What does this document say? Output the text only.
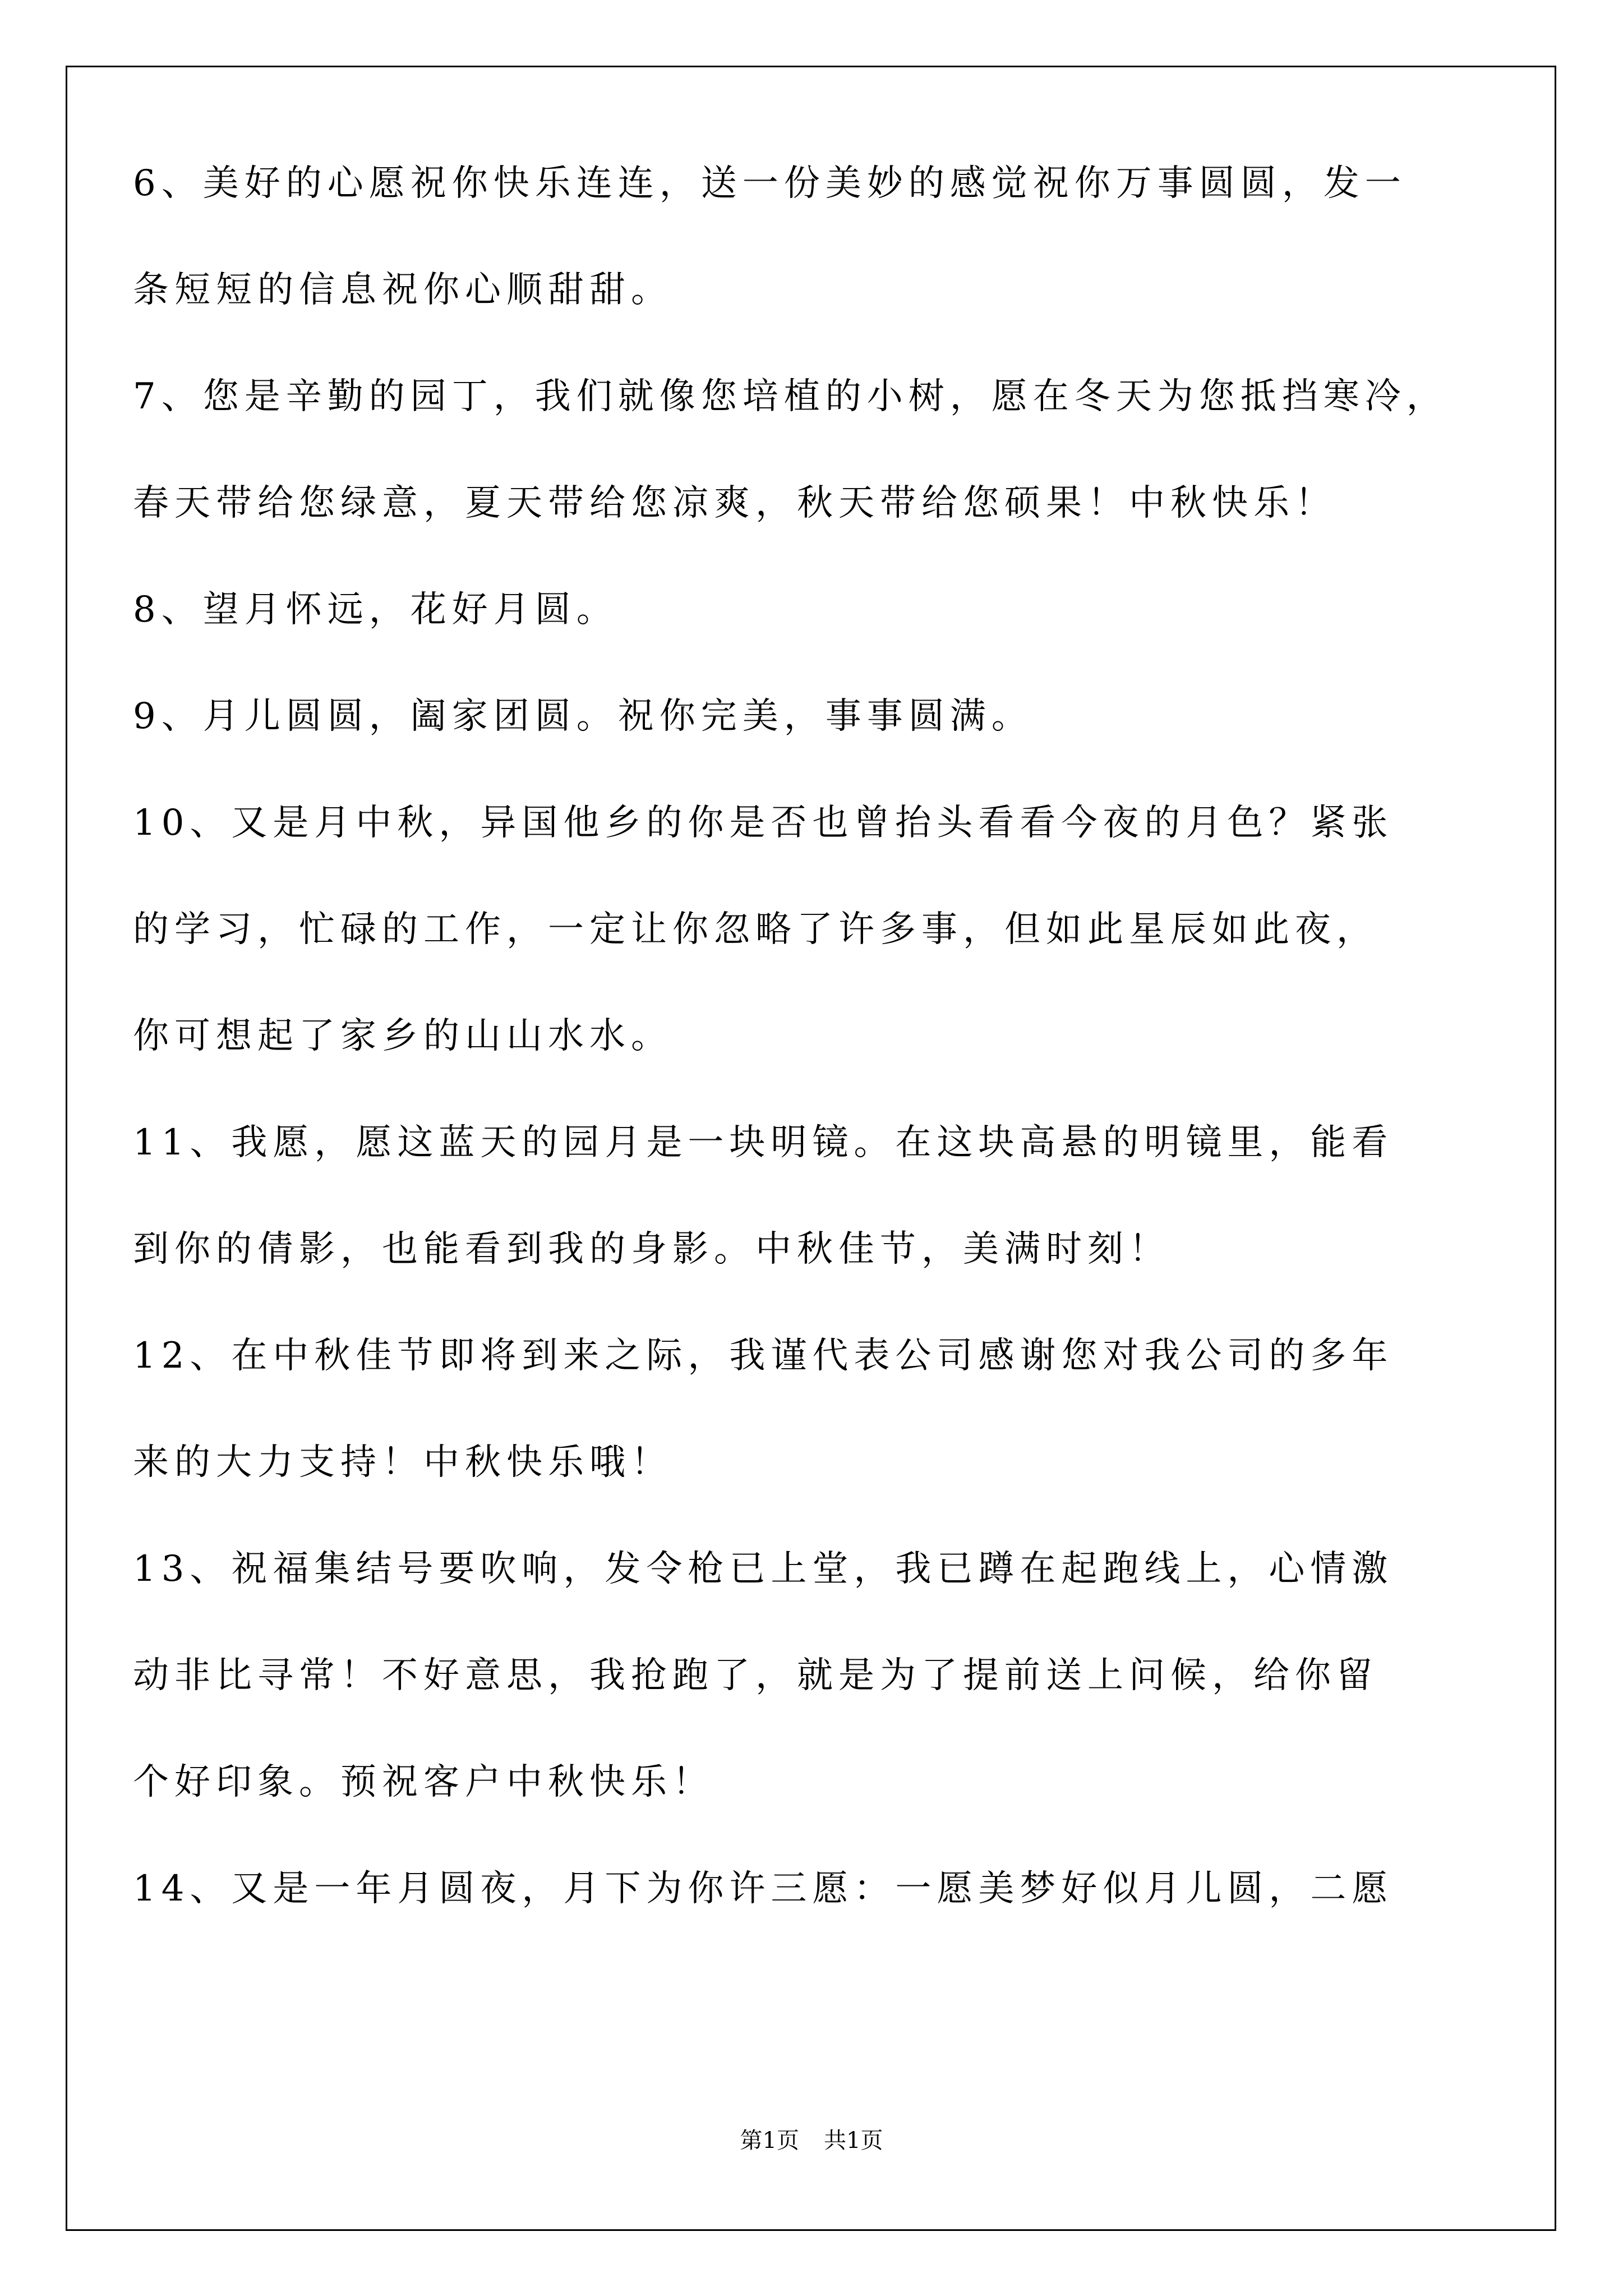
6、美好的心愿祝你快乐连连，送一份美妙的感觉祝你万事圆圆，发一
条短短的信息祝你心顺甜甜。
7、您是辛勤的园丁，我们就像您培植的小树，愿在冬天为您抵挡寒冷，
春天带给您绿意，夏天带给您凉爽，秋天带给您硕果！中秋快乐！
8、望月怀远，花好月圆。
9、月儿圆圆，阖家团圆。祝你完美，事事圆满。
10、又是月中秋，异国他乡的你是否也曾抬头看看今夜的月色？紧张
的学习，忙碌的工作，一定让你忽略了许多事，但如此星辰如此夜，
你可想起了家乡的山山水水。
11、我愿，愿这蓝天的园月是一块明镜。在这块高悬的明镜里，能看
到你的倩影，也能看到我的身影。中秋佳节，美满时刻！
12、在中秋佳节即将到来之际，我谨代表公司感谢您对我公司的多年
来的大力支持！中秋快乐哦！
13、祝福集结号要吹响，发令枪已上堂，我已蹲在起跑线上，心情激
动非比寻常！不好意思，我抢跑了，就是为了提前送上问候，给你留
个好印象。预祝客户中秋快乐！
14、又是一年月圆夜，月下为你许三愿：一愿美梦好似月儿圆，二愿
第1页 共1页
